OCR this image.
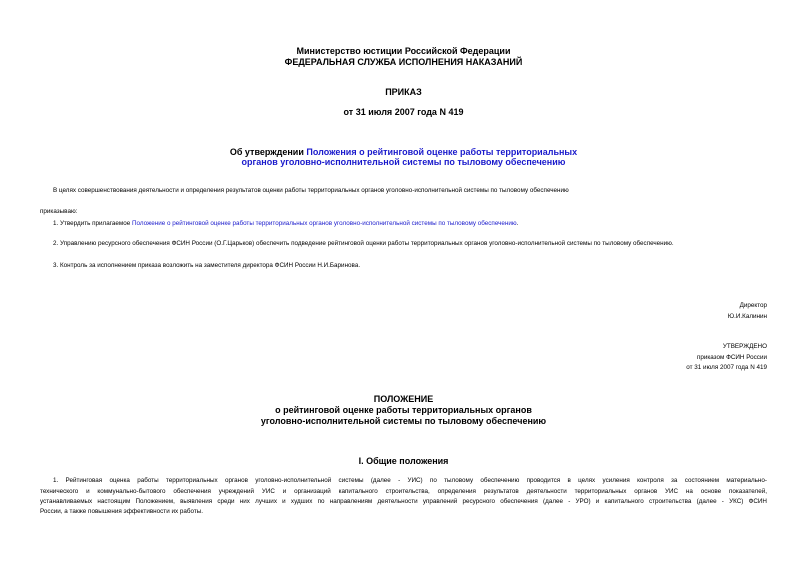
Министерство юстиции Российской Федерации
ФЕДЕРАЛЬНАЯ СЛУЖБА ИСПОЛНЕНИЯ НАКАЗАНИЙ
ПРИКАЗ
от 31 июля 2007 года N 419
Об утверждении Положения о рейтинговой оценке работы территориальных
органов уголовно-исполнительной системы по тыловому обеспечению
В целях совершенствования деятельности и определения результатов оценки работы территориальных органов уголовно-исполнительной системы по тыловому обеспечению
приказываю:
1. Утвердить прилагаемое Положение о рейтинговой оценке работы территориальных органов уголовно-исполнительной системы по тыловому обеспечению.
2. Управлению ресурсного обеспечения ФСИН России (О.Г.Царьков) обеспечить подведение рейтинговой оценки работы территориальных органов уголовно-исполнительной системы по тыловому обеспечению.
3. Контроль за исполнением приказа возложить на заместителя директора ФСИН России Н.И.Баринова.
Директор
Ю.И.Калинин
УТВЕРЖДЕНО
приказом ФСИН России
от 31 июля 2007 года N 419
ПОЛОЖЕНИЕ
о рейтинговой оценке работы территориальных органов
уголовно-исполнительной системы по тыловому обеспечению
I. Общие положения
1. Рейтинговая оценка работы территориальных органов уголовно-исполнительной системы (далее - УИС) по тыловому обеспечению проводится в целях усиления контроля за состоянием материально-
технического и коммунально-бытового обеспечения учреждений УИС и организаций капитального строительства, определения результатов деятельности территориальных органов УИС на основе показателей,
устанавливаемых настоящим Положением, выявления среди них лучших и худших по направлениям деятельности управлений ресурсного обеспечения (далее - УРО) и капитального строительства (далее - УКС) ФСИН
России, а также повышения эффективности их работы.
